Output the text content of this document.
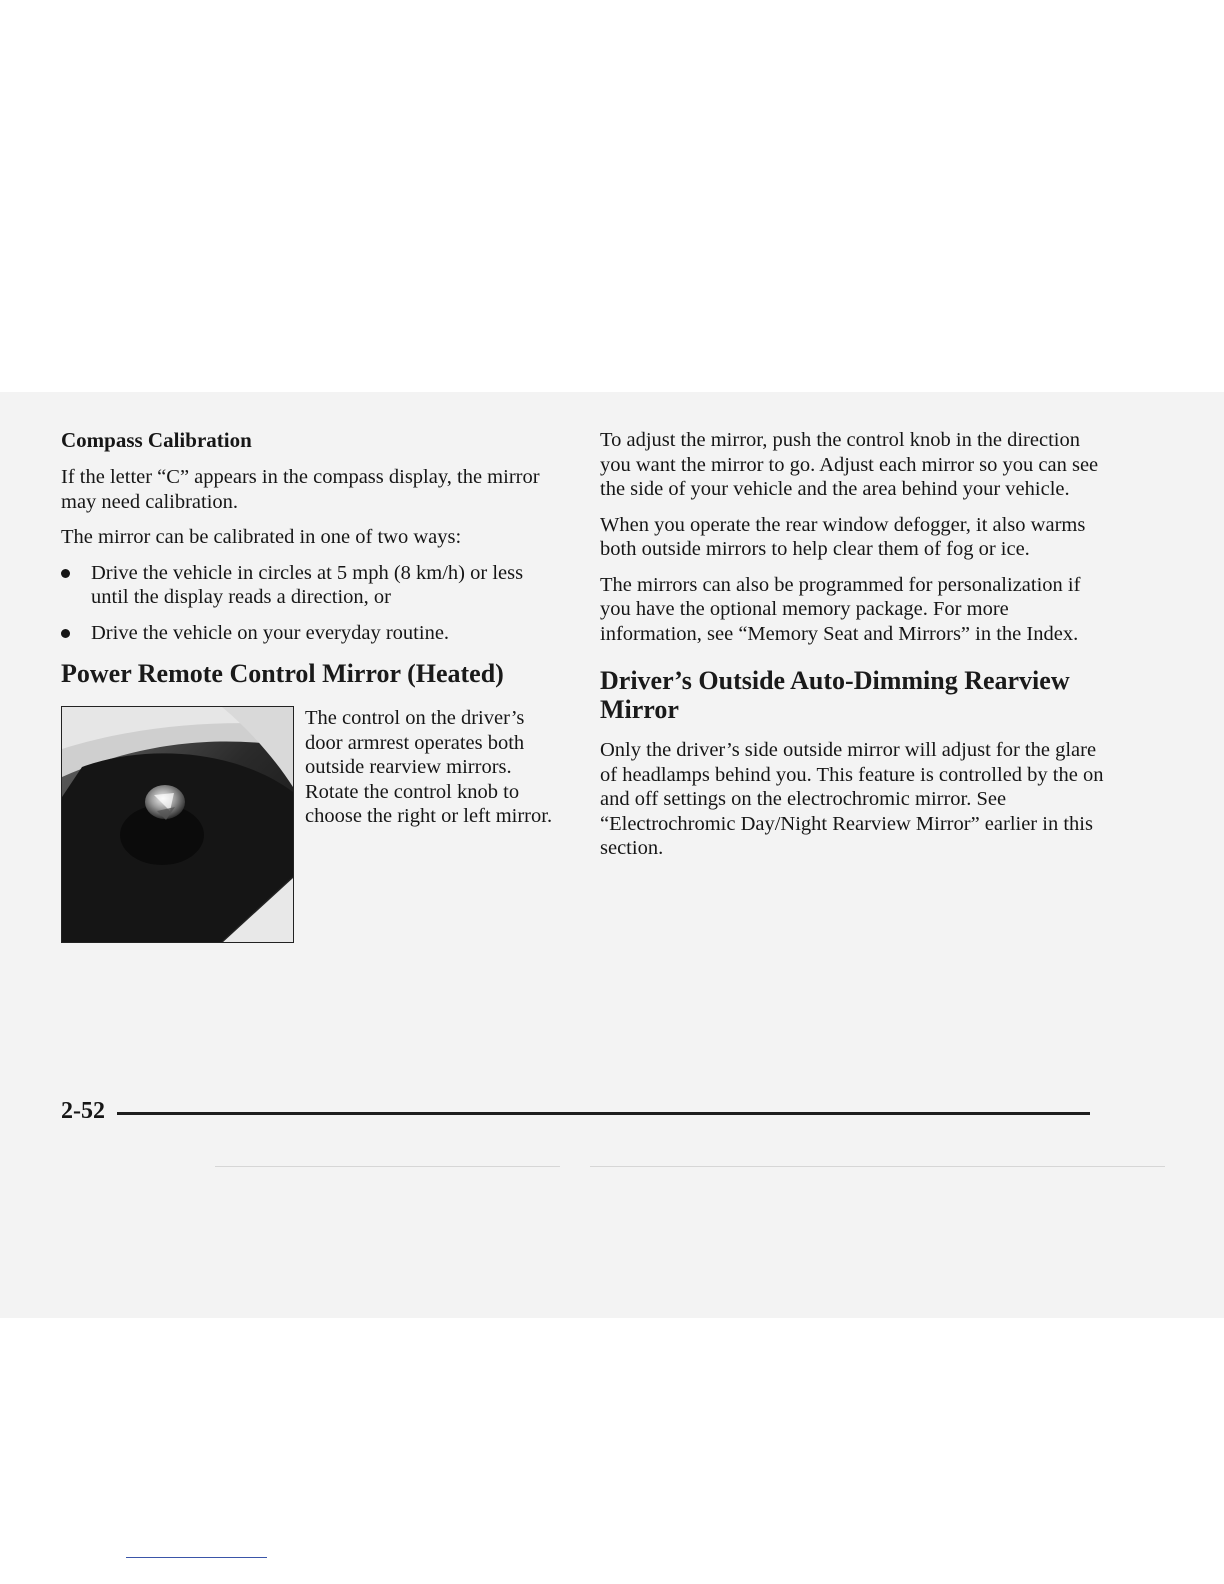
Compass Calibration

If the letter “C” appears in the compass display, the mirror may need calibration.

The mirror can be calibrated in one of two ways:

Drive the vehicle in circles at 5 mph (8 km/h) or less until the display reads a direction, or
Drive the vehicle on your everyday routine.
Power Remote Control Mirror (Heated)

The control on the driver’s door armrest operates both outside rearview mirrors. Rotate the control knob to choose the right or left mirror.

To adjust the mirror, push the control knob in the direction you want the mirror to go. Adjust each mirror so you can see the side of your vehicle and the area behind your vehicle.

When you operate the rear window defogger, it also warms both outside mirrors to help clear them of fog or ice.

The mirrors can also be programmed for personalization if you have the optional memory package. For more information, see “Memory Seat and Mirrors” in the Index.

Driver’s Outside Auto-Dimming Rearview Mirror

Only the driver’s side outside mirror will adjust for the glare of headlamps behind you. This feature is controlled by the on and off settings on the electrochromic mirror. See “Electrochromic Day/Night Rearview Mirror” earlier in this section.

2-52
